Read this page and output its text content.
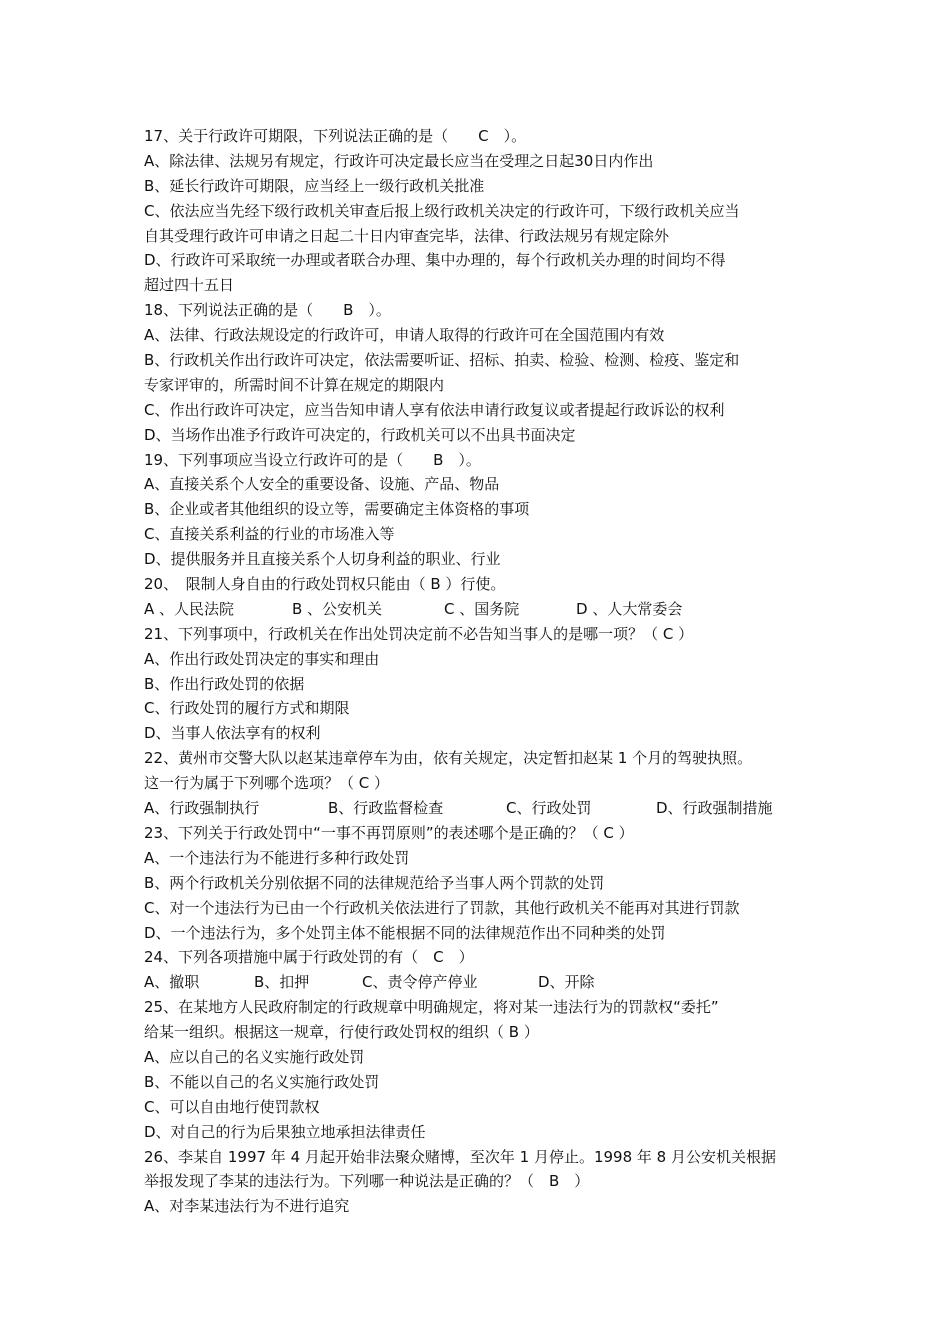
17、关于行政许可期限，下列说法正确的是（　　C　）。
A、除法律、法规另有规定，行政许可决定最长应当在受理之日起30日内作出
B、延长行政许可期限，应当经上一级行政机关批准
C、依法应当先经下级行政机关审查后报上级行政机关决定的行政许可，下级行政机关应当
自其受理行政许可申请之日起二十日内审查完毕，法律、行政法规另有规定除外
D、行政许可采取统一办理或者联合办理、集中办理的，每个行政机关办理的时间均不得
超过四十五日
18、下列说法正确的是（　　B　）。
A、法律、行政法规设定的行政许可，申请人取得的行政许可在全国范围内有效
B、行政机关作出行政许可决定，依法需要听证、招标、拍卖、检验、检测、检疫、鉴定和
专家评审的，所需时间不计算在规定的期限内
C、作出行政许可决定，应当告知申请人享有依法申请行政复议或者提起行政诉讼的权利
D、当场作出准予行政许可决定的，行政机关可以不出具书面决定
19、下列事项应当设立行政许可的是（　　B　）。
A、直接关系个人安全的重要设备、设施、产品、物品
B、企业或者其他组织的设立等，需要确定主体资格的事项
C、直接关系利益的行业的市场准入等
D、提供服务并且直接关系个人切身利益的职业、行业
20、　限制人身自由的行政处罚权只能由（ B ）行使。
A 、人民法院	B 、公安机关	C 、国务院	D 、人大常委会
21、下列事项中，行政机关在作出处罚决定前不必告知当事人的是哪一项？（ C ）
A、作出行政处罚决定的事实和理由
B、作出行政处罚的依据
C、行政处罚的履行方式和期限
D、当事人依法享有的权利
22、黄州市交警大队以赵某违章停车为由，依有关规定，决定暂扣赵某 1 个月的驾驶执照。
这一行为属于下列哪个选项？（ C ）
A、行政强制执行	B、行政监督检查	C、行政处罚	D、行政强制措施
23、下列关于行政处罚中“一事不再罚原则”的表述哪个是正确的？（ C ）
A、一个违法行为不能进行多种行政处罚
B、两个行政机关分别依据不同的法律规范给予当事人两个罚款的处罚
C、对一个违法行为已由一个行政机关依法进行了罚款，其他行政机关不能再对其进行罚款
D、一个违法行为，多个处罚主体不能根据不同的法律规范作出不同种类的处罚
24、下列各项措施中属于行政处罚的有（　C　）
A、撤职	B、扣押	C、责令停产停业	D、开除
25、在某地方人民政府制定的行政规章中明确规定，将对某一违法行为的罚款权“委托”
给某一组织。根据这一规章，行使行政处罚权的组织（ B ）
A、应以自己的名义实施行政处罚
B、不能以自己的名义实施行政处罚
C、可以自由地行使罚款权
D、对自己的行为后果独立地承担法律责任
26、李某自 1997 年 4 月起开始非法聚众赌博，至次年 1 月停止。1998 年 8 月公安机关根据
举报发现了李某的违法行为。下列哪一种说法是正确的？（　B　）
A、对李某违法行为不进行追究
